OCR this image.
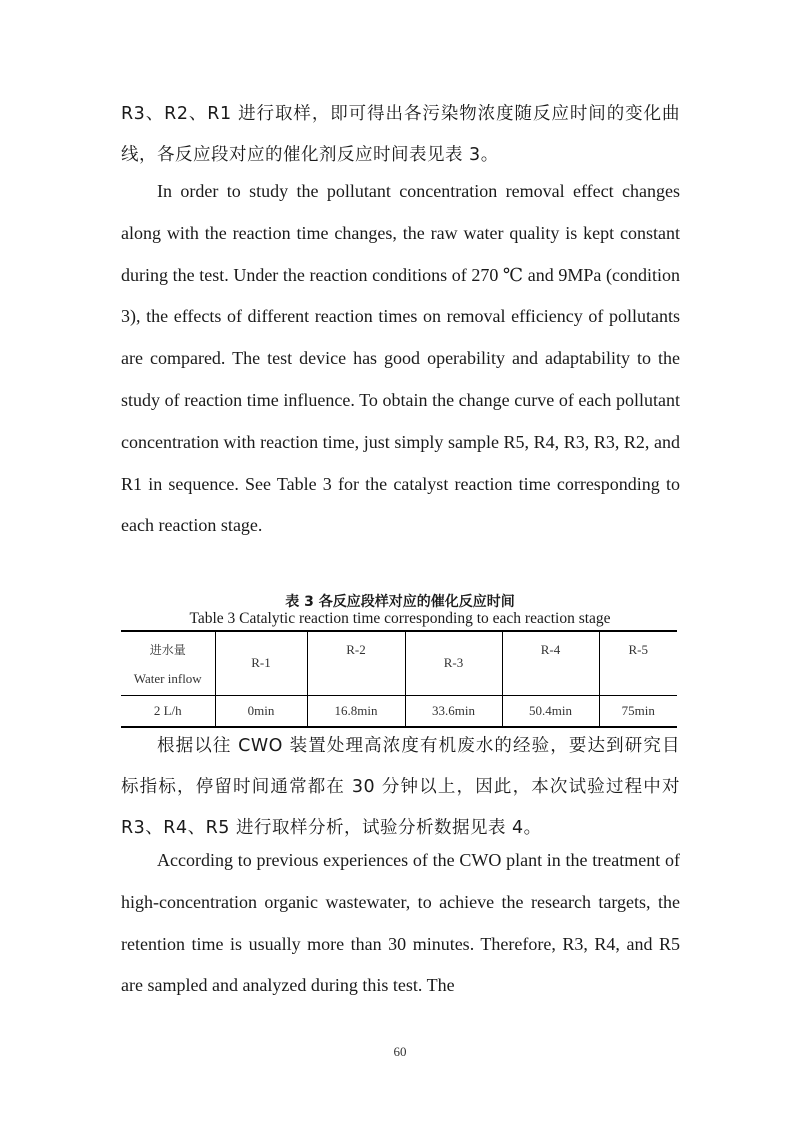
R3、R2、R1 进行取样，即可得出各污染物浓度随反应时间的变化曲线，各反应段对应的催化剂反应时间表见表 3。

In order to study the pollutant concentration removal effect changes along with the reaction time changes, the raw water quality is kept constant during the test. Under the reaction conditions of 270 ℃ and 9MPa (condition 3), the effects of different reaction times on removal efficiency of pollutants are compared. The test device has good operability and adaptability to the study of reaction time influence. To obtain the change curve of each pollutant concentration with reaction time, just simply sample R5, R4, R3, R3, R2, and R1 in sequence. See Table 3 for the catalyst reaction time corresponding to each reaction stage.

表 3 各反应段样对应的催化反应时间
Table 3 Catalytic reaction time corresponding to each reaction stage
进水量
Water inflow	R-1	R-2	R-3	R-4	R-5
2 L/h	0min	16.8min	33.6min	50.4min	75min

根据以往 CWO 装置处理高浓度有机废水的经验，要达到研究目标指标，停留时间通常都在 30 分钟以上，因此，本次试验过程中对 R3、R4、R5 进行取样分析，试验分析数据见表 4。

According to previous experiences of the CWO plant in the treatment of high-concentration organic wastewater, to achieve the research targets, the retention time is usually more than 30 minutes. Therefore, R3, R4, and R5 are sampled and analyzed during this test. The

60
